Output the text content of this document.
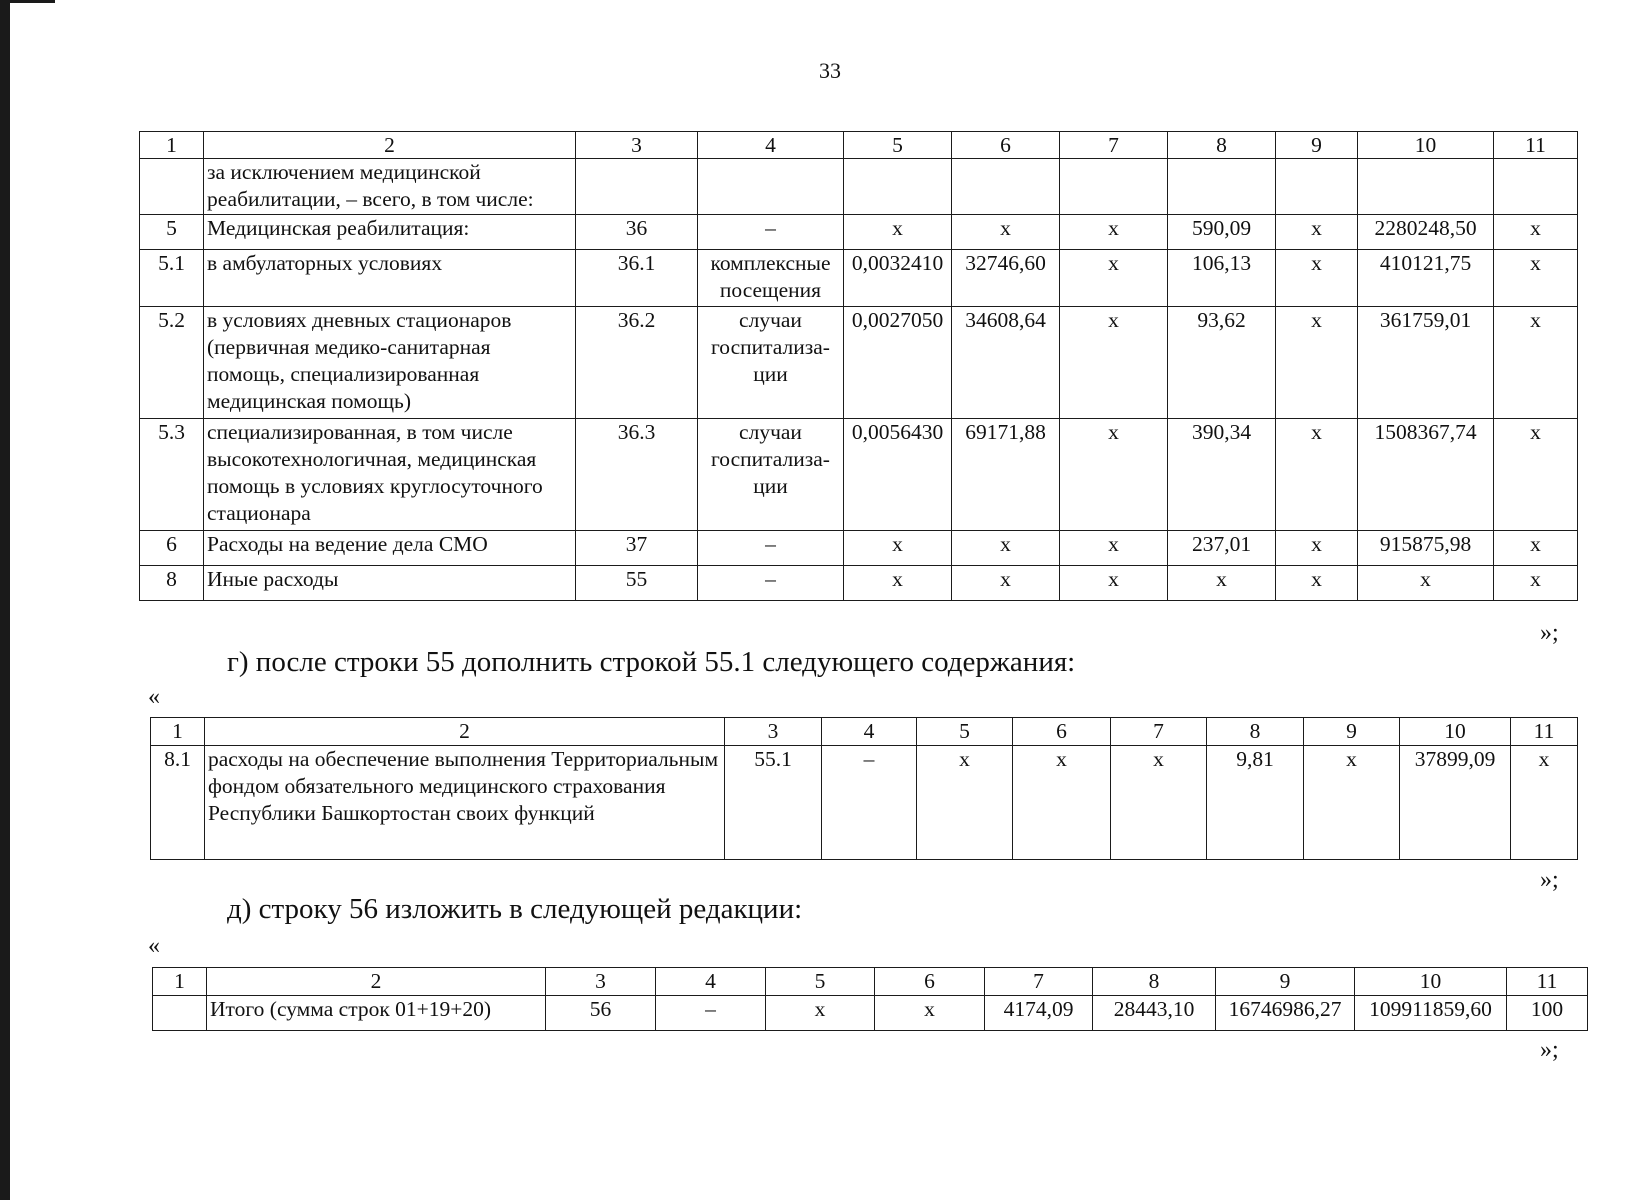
33
1	2	3	4	5	6	7	8	9	10	11
	за исключением медицинской реабилитации, – всего, в том числе:									
5	Медицинская реабилитация:	36	–	х	х	х	590,09	х	2280248,50	х
5.1	в амбулаторных условиях	36.1	комплексные посещения	0,0032410	32746,60	х	106,13	х	410121,75	х
5.2	в условиях дневных стационаров (первичная медико-санитарная помощь, специализированная медицинская помощь)	36.2	случаи госпитализа- ции	0,0027050	34608,64	х	93,62	х	361759,01	х
5.3	специализированная, в том числе высокотехнологичная, медицинская помощь в условиях круглосуточного стационара	36.3	случаи госпитализа- ции	0,0056430	69171,88	х	390,34	х	1508367,74	х
6	Расходы на ведение дела СМО	37	–	х	х	х	237,01	х	915875,98	х
8	Иные расходы	55	–	х	х	х	х	х	х	х
»;
г) после строки 55 дополнить строкой 55.1 следующего содержания:
«
1	2	3	4	5	6	7	8	9	10	11
8.1	расходы на обеспечение выполнения Территориальным фондом обязательного медицинского страхования Республики Башкортостан своих функций	55.1	–	х	х	х	9,81	х	37899,09	х
»;
д) строку 56 изложить в следующей редакции:
«
1	2	3	4	5	6	7	8	9	10	11
	Итого (сумма строк 01+19+20)	56	–	х	х	4174,09	28443,10	16746986,27	109911859,60	100
»;
